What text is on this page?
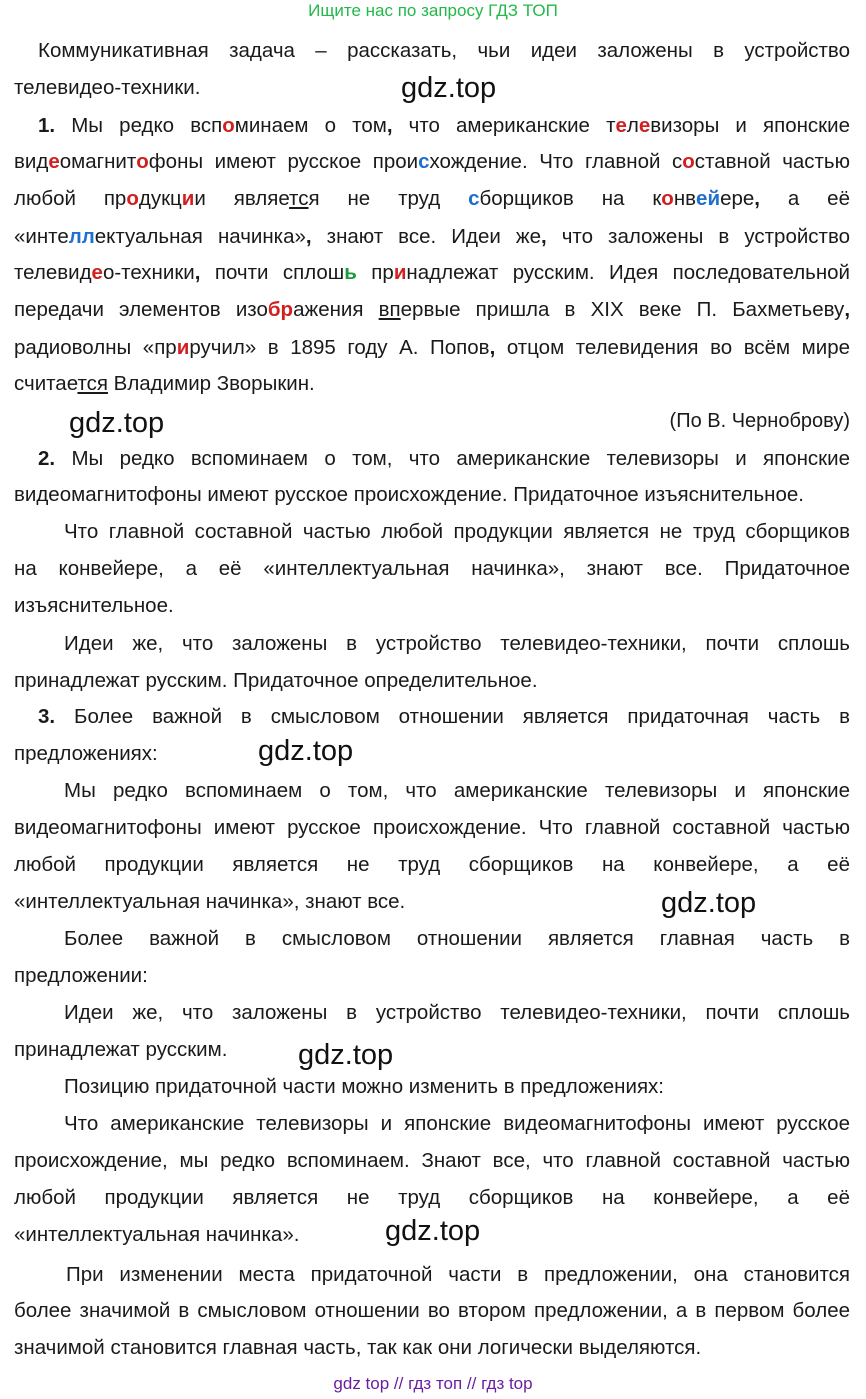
Ищите нас по запросу ГДЗ ТОП
Коммуникативная задача – рассказать, чьи идеи заложены в устройство
телевидео-техники.	gdz.top
1. Мы редко вспоминаем о том, что американские телевизоры и японские
видеомагнитофоны имеют русское происхождение. Что главной составной частью
любой продукции является не труд сборщиков на конвейере, а её
«интеллектуальная начинка», знают все. Идеи же, что заложены в устройство
телевидео-техники, почти сплошь принадлежат русским. Идея последовательной
передачи элементов изображения впервые пришла в XIX веке П. Бахметьеву,
радиоволны «приручил» в 1895 году А. Попов, отцом телевидения во всём мире
считается Владимир Зворыкин.
gdz.top	(По В. Черноброву)
2. Мы редко вспоминаем о том, что американские телевизоры и японские
видеомагнитофоны имеют русское происхождение. Придаточное изъяснительное.
Что главной составной частью любой продукции является не труд сборщиков
на конвейере, а её «интеллектуальная начинка», знают все. Придаточное
изъяснительное.
Идеи же, что заложены в устройство телевидео-техники, почти сплошь
принадлежат русским. Придаточное определительное.
3. Более важной в смысловом отношении является придаточная часть в
предложениях:	gdz.top
Мы редко вспоминаем о том, что американские телевизоры и японские
видеомагнитофоны имеют русское происхождение. Что главной составной частью
любой продукции является не труд сборщиков на конвейере, а её
«интеллектуальная начинка», знают все.	gdz.top
Более важной в смысловом отношении является главная часть в
предложении:
Идеи же, что заложены в устройство телевидео-техники, почти сплошь
принадлежат русским.	gdz.top
Позицию придаточной части можно изменить в предложениях:
Что американские телевизоры и японские видеомагнитофоны имеют русское
происхождение, мы редко вспоминаем. Знают все, что главной составной частью
любой продукции является не труд сборщиков на конвейере, а её
«интеллектуальная начинка».	gdz.top
При изменении места придаточной части в предложении, она становится
более значимой в смысловом отношении во втором предложении, а в первом более
значимой становится главная часть, так как они логически выделяются.
gdz top // гдз топ // гдз top
